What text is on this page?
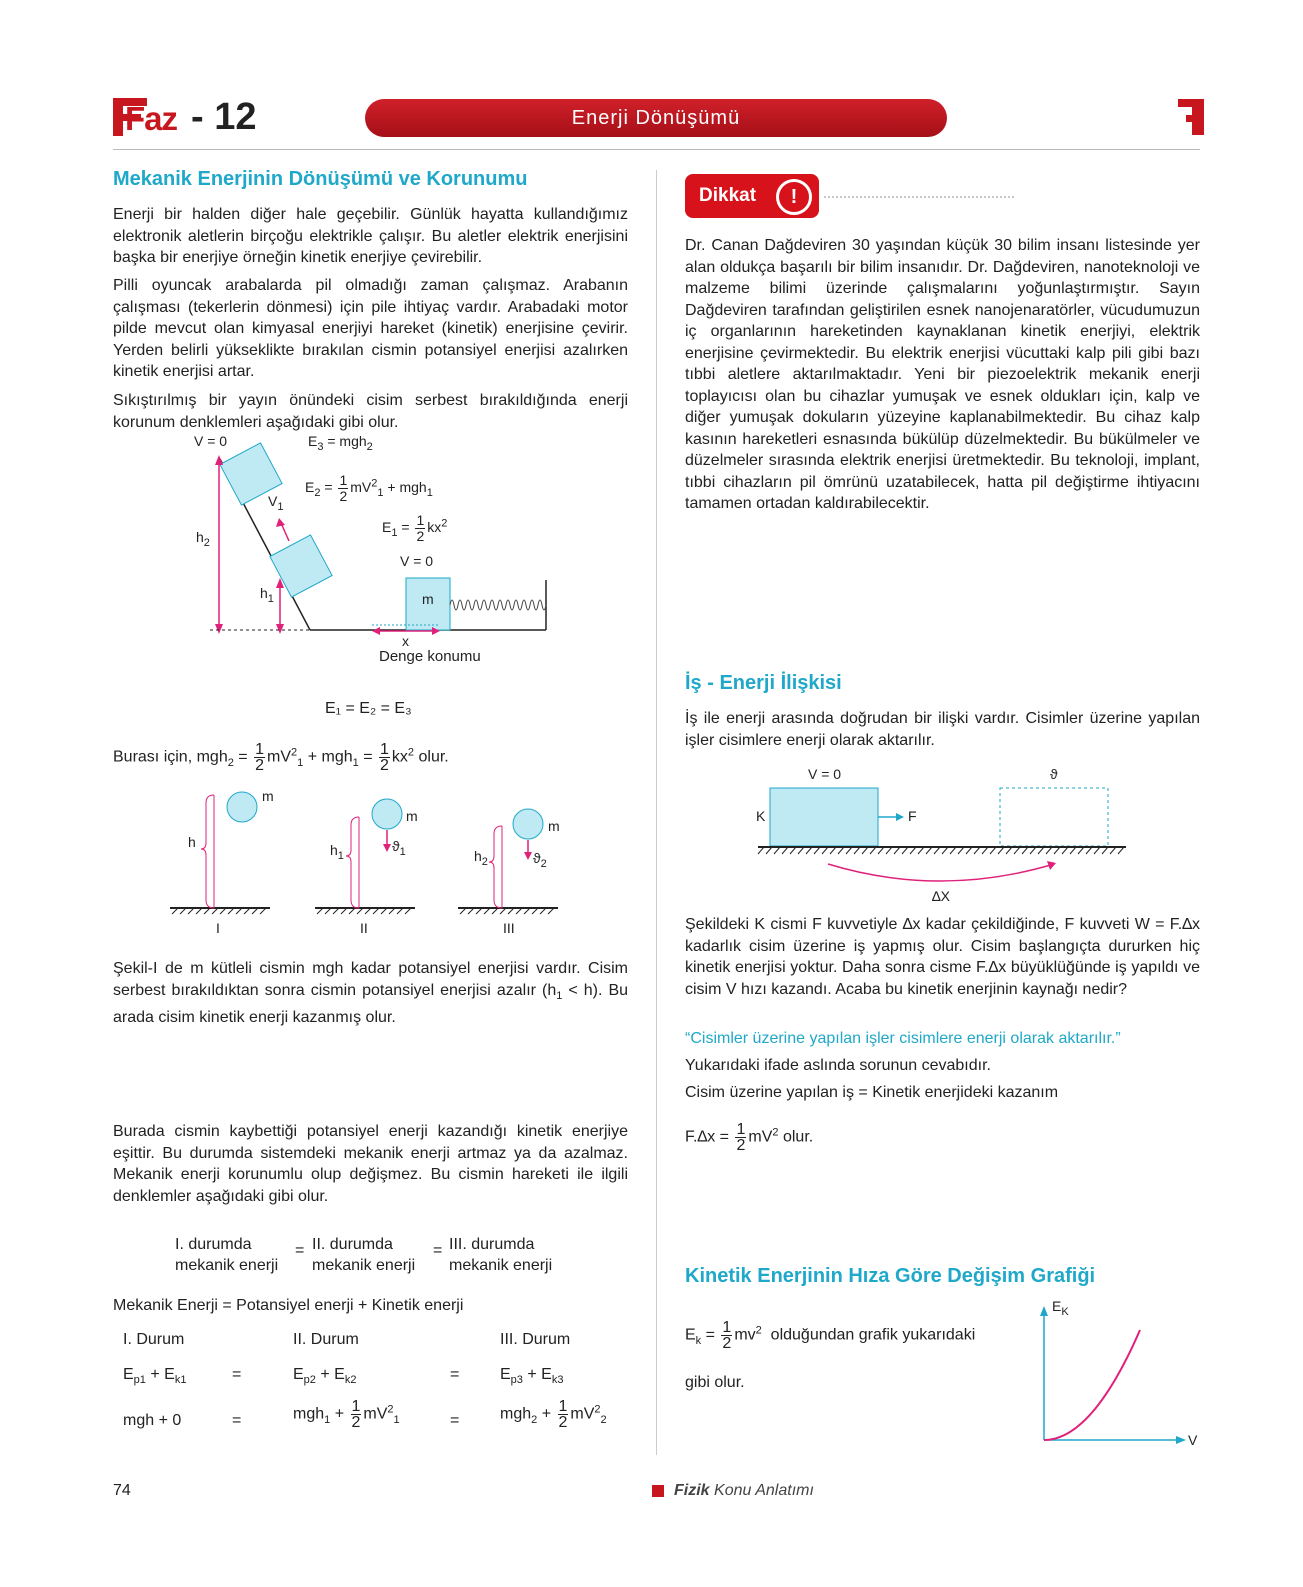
Faz - 12	Enerji Dönüşümü
Mekanik Enerjinin Dönüşümü ve Korunumu
Enerji bir halden diğer hale geçebilir. Günlük hayatta kullandığımız elektronik aletlerin birçoğu elektrikle çalışır. Bu aletler elektrik enerjisini başka bir enerjiye örneğin kinetik enerjiye çevirebilir.
Pilli oyuncak arabalarda pil olmadığı zaman çalışmaz. Arabanın çalışması (tekerlerin dönmesi) için pile ihtiyaç vardır. Arabadaki motor pilde mevcut olan kimyasal enerjiyi hareket (kinetik) enerjisine çevirir. Yerden belirli yükseklikte bırakılan cismin potansiyel enerjisi azalırken kinetik enerjisi artar.
Sıkıştırılmış bir yayın önündeki cisim serbest bırakıldığında enerji korunum denklemleri aşağıdaki gibi olur.
V = 0	$E_3 = mgh_2$
$E_2 = \frac{1}{2} mV^2_1 + mgh_1$
$E_1 = \frac{1}{2} kx^2$
$V_1$
$h_2$
$h_1$
V = 0
m
x
Denge konumu
E₁ = E₂ = E₃
Burası için, $mgh_2 = \frac{1}{2} mV^2_1 + mgh_1 = \frac{1}{2} kx^2$ olur.
m
h
m
$h_1$
$ϑ_1$
m
$h_2$	$ϑ_2$
I	II	III
Şekil-I de m kütleli cismin mgh kadar potansiyel enerjisi vardır. Cisim serbest bırakıldıktan sonra cismin potansiyel enerjisi azalır $(h_1 < h)$. Bu arada cisim kinetik enerji kazanmış olur.
Burada cismin kaybettiği potansiyel enerji kazandığı kinetik enerjiye eşittir. Bu durumda sistemdeki mekanik enerji artmaz ya da azalmaz. Mekanik enerji korunumlu olup değişmez. Bu cismin hareketi ile ilgili denklemler aşağıdaki gibi olur.
I. durumda
mekanik enerji
= II. durumda
mekanik enerji
= III. durumda
mekanik enerji
Mekanik Enerji = Potansiyel enerji + Kinetik enerji
I. Durum	II. Durum	III. Durum
$E_{p1} + E_{k1}$	=	$E_{p2} + E_{k2}$	=	$E_{p3} + E_{k3}$
mgh + 0	=	$mgh_1 + \frac{1}{2} mV^2_1$	=	$mgh_2 + \frac{1}{2} mV^2_2$
Dikkat	!
Dr. Canan Dağdeviren 30 yaşından küçük 30 bilim insanı listesinde yer alan oldukça başarılı bir bilim insanıdır. Dr. Dağdeviren, nanoteknoloji ve malzeme bilimi üzerinde çalışmalarını yoğunlaştırmıştır. Sayın Dağdeviren tarafından geliştirilen esnek nanojenaratörler, vücudumuzun iç organlarının hareketinden kaynaklanan kinetik enerjiyi, elektrik enerjisine çevirmektedir. Bu elektrik enerjisi vücuttaki kalp pili gibi bazı tıbbi aletlere aktarılmaktadır. Yeni bir piezoelektrik mekanik enerji toplayıcısı olan bu cihazlar yumuşak ve esnek oldukları için, kalp ve diğer yumuşak dokuların yüzeyine kaplanabilmektedir. Bu cihaz kalp kasının hareketleri esnasında bükülüp düzelmektedir. Bu bükülmeler ve düzelmeler sırasında elektrik enerjisi üretmektedir. Bu teknoloji, implant, tıbbi cihazların pil ömrünü uzatabilecek, hatta pil değiştirme ihtiyacını tamamen ortadan kaldırabilecektir.
İş - Enerji İlişkisi
İş ile enerji arasında doğrudan bir ilişki vardır. Cisimler üzerine yapılan işler cisimlere enerji olarak aktarılır.
V = 0	ϑ
K	F
∆X
Şekildeki K cismi F kuvvetiyle ∆x kadar çekildiğinde, F kuvveti W = F.∆x kadarlık cisim üzerine iş yapmış olur. Cisim başlangıçta dururken hiç kinetik enerjisi yoktur. Daha sonra cisme F.∆x büyüklüğünde iş yapıldı ve cisim V hızı kazandı. Acaba bu kinetik enerjinin kaynağı nedir?
“Cisimler üzerine yapılan işler cisimlere enerji olarak aktarılır.”
Yukarıdaki ifade aslında sorunun cevabıdır.
Cisim üzerine yapılan iş = Kinetik enerjideki kazanım
$F.\Delta x = \frac{1}{2} mV^2$ olur.
Kinetik Enerjinin Hıza Göre Değişim Grafiği
$E_k = \frac{1}{2} mv^2$ olduğundan grafik yukarıdaki
gibi olur.
$E_K$
V
74	Fizik Konu Anlatımı
